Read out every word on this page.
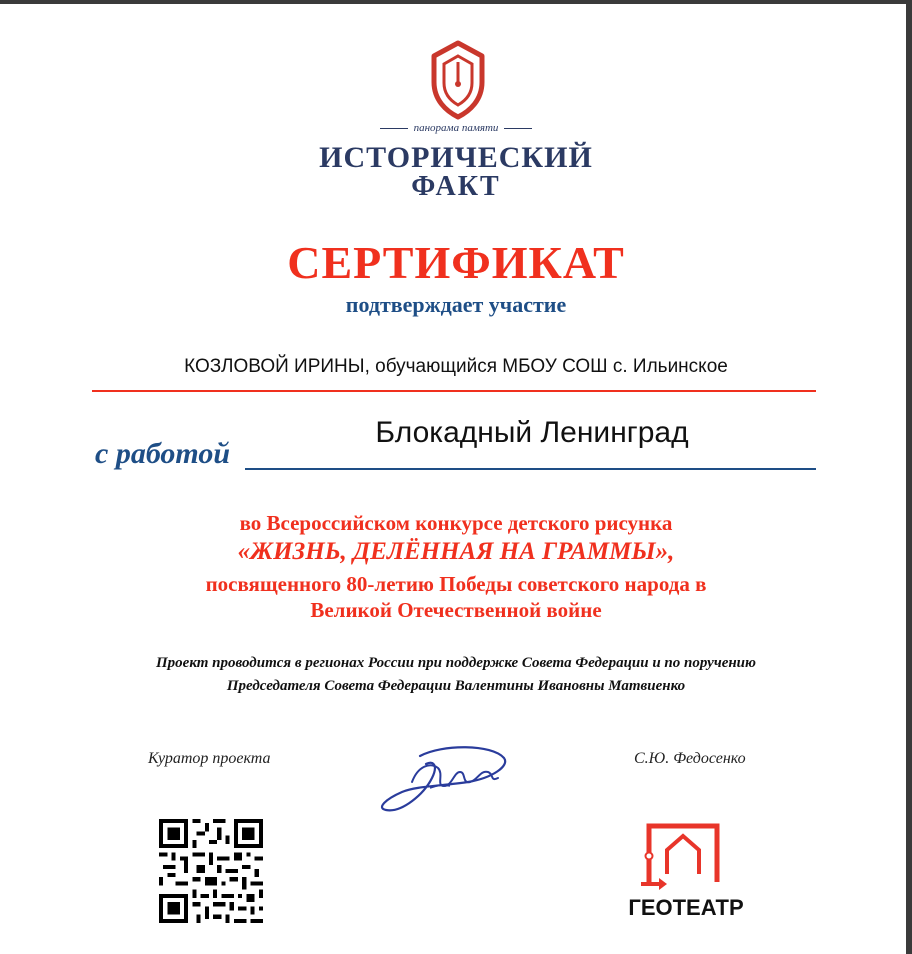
панорама памяти
ИСТОРИЧЕСКИЙ
ФАКТ
СЕРТИФИКАТ
подтверждает участие
КОЗЛОВОЙ ИРИНЫ, обучающийся МБОУ СОШ с. Ильинское
с работой
Блокадный Ленинград
во Всероссийском конкурсе детского рисунка
«ЖИЗНЬ, ДЕЛЁННАЯ НА ГРАММЫ»,
посвященного 80-летию Победы советского народа в
Великой Отечественной войне
Проект проводится в регионах России при поддержке Совета Федерации и по поручению
Председателя Совета Федерации Валентины Ивановны Матвиенко
Куратор проекта	С.Ю. Федосенко
ГЕОТЕАТР
